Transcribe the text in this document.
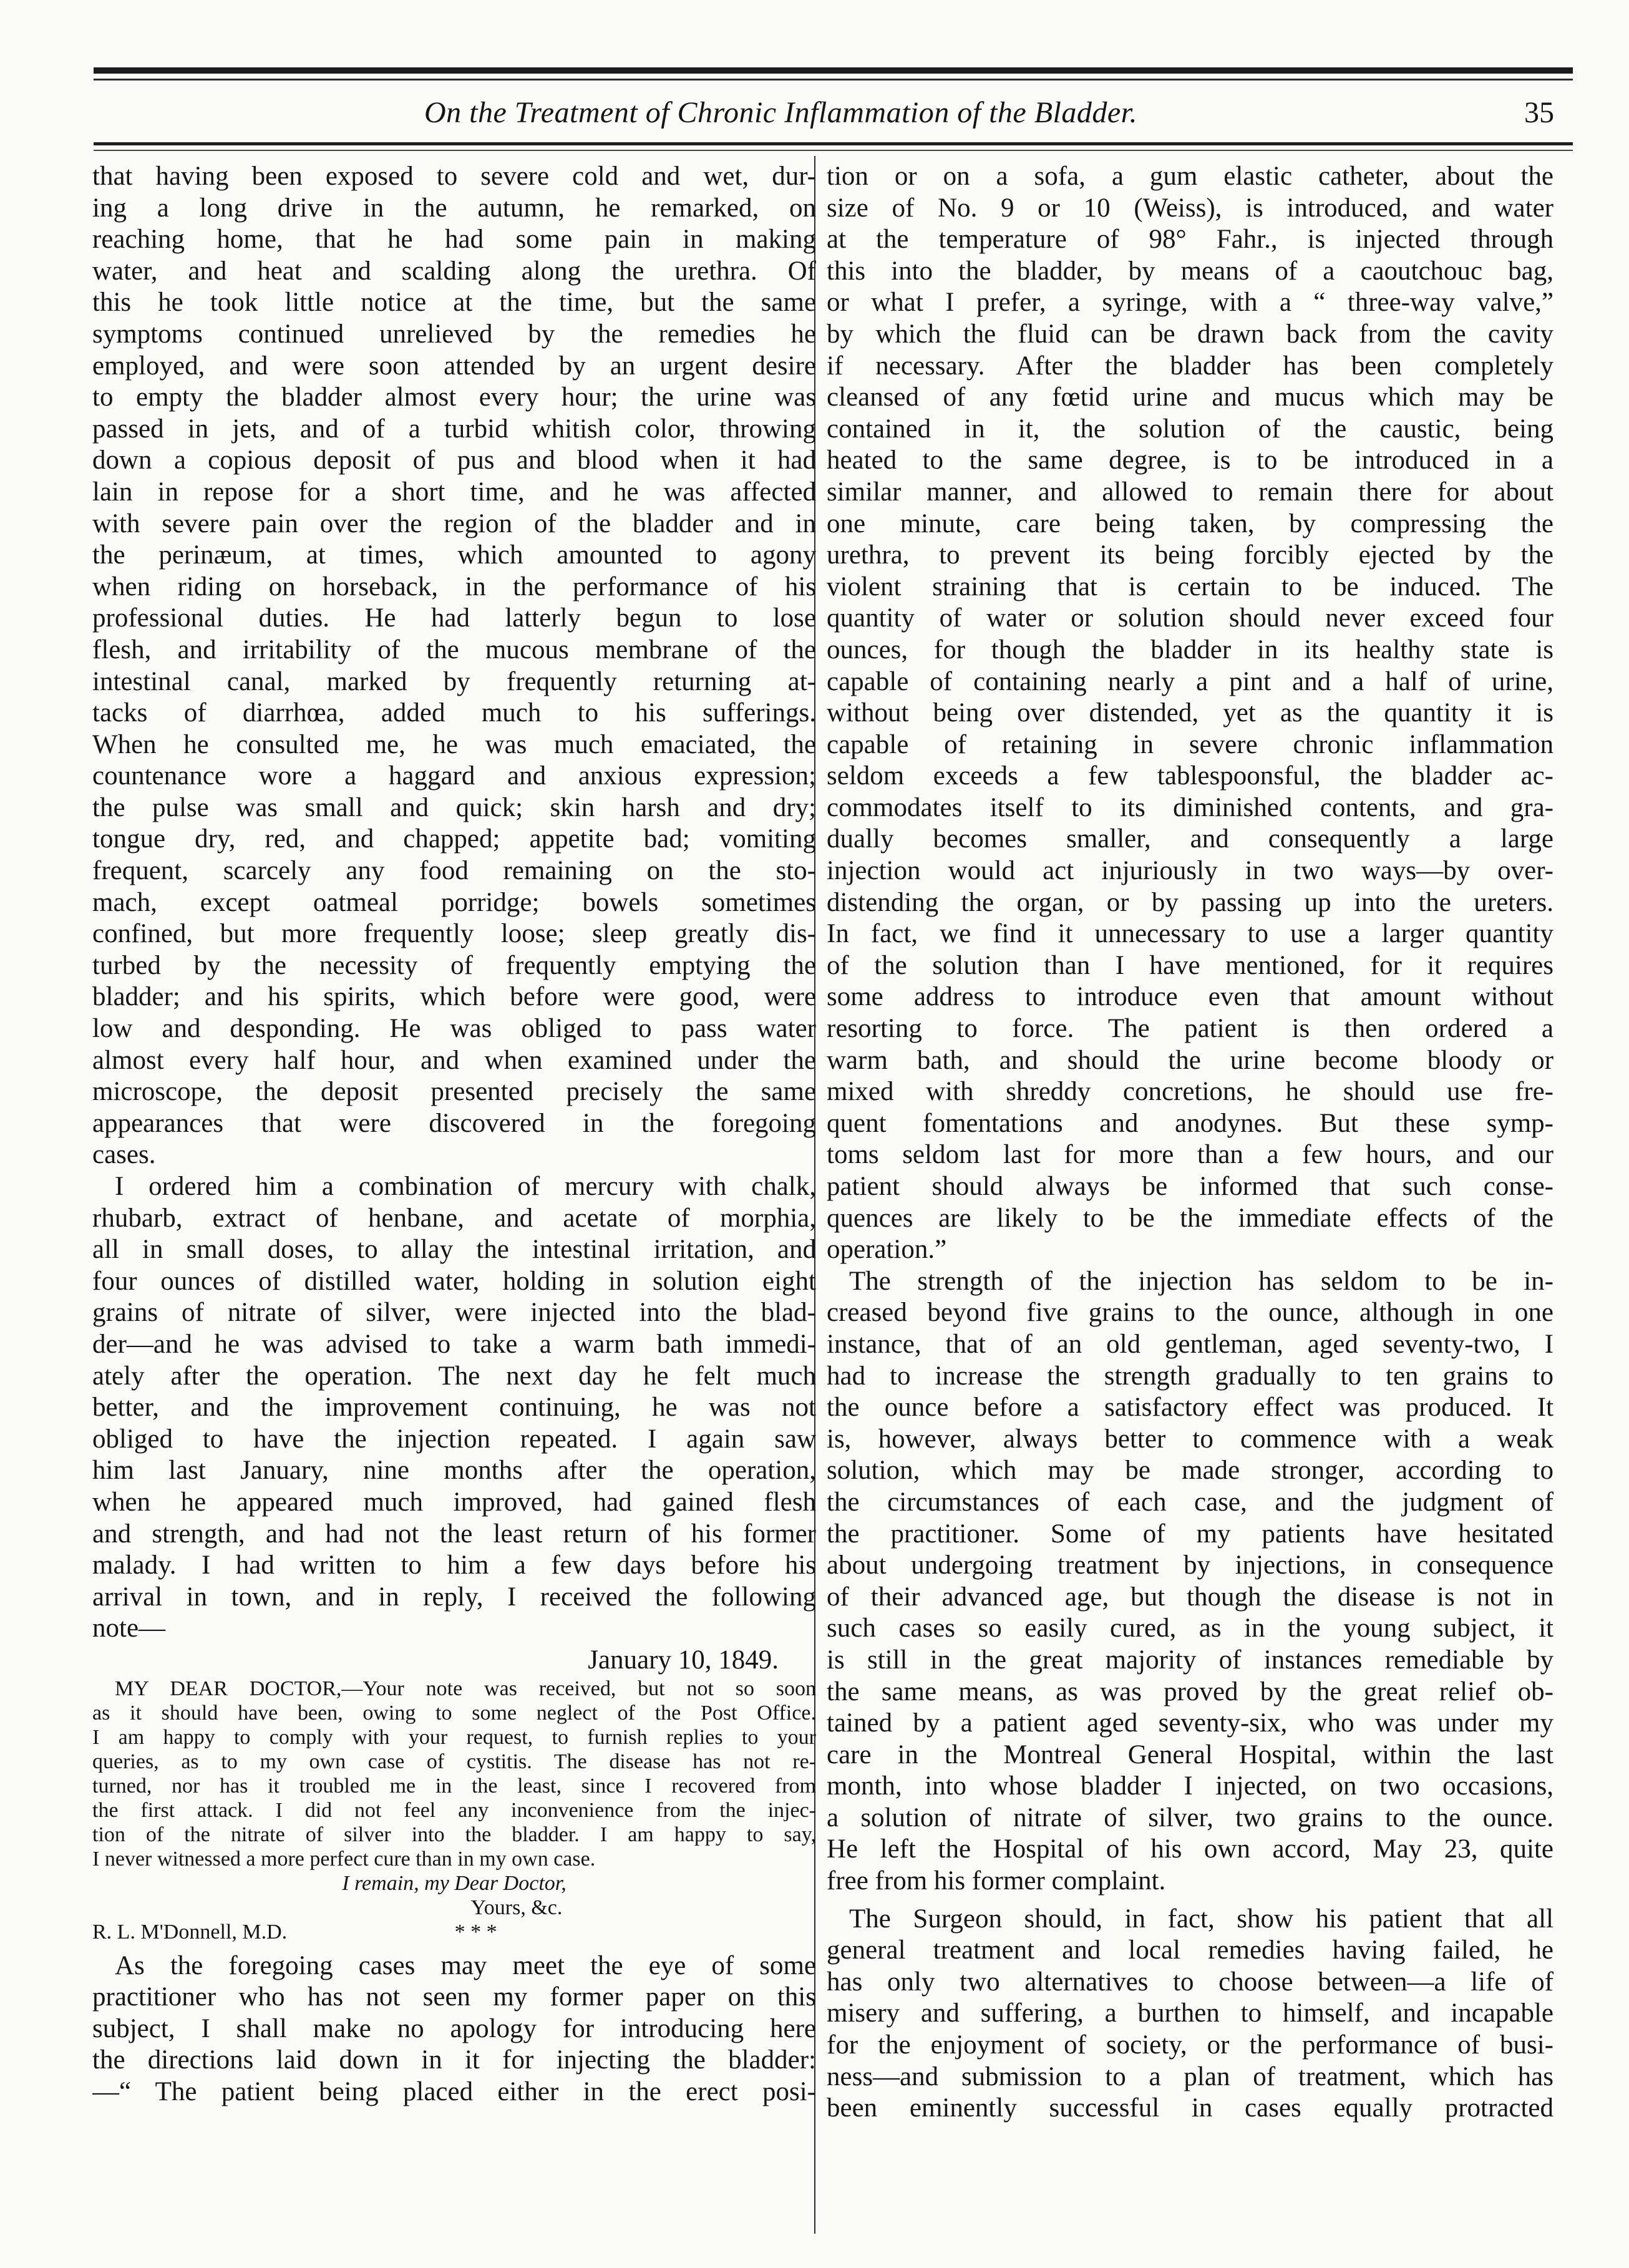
On the Treatment of Chronic Inflammation of the Bladder.	35
that having been exposed to severe cold and wet, dur-
ing a long drive in the autumn, he remarked, on
reaching home, that he had some pain in making
water, and heat and scalding along the urethra. Of
this he took little notice at the time, but the same
symptoms continued unrelieved by the remedies he
employed, and were soon attended by an urgent desire
to empty the bladder almost every hour; the urine was
passed in jets, and of a turbid whitish color, throwing
down a copious deposit of pus and blood when it had
lain in repose for a short time, and he was affected
with severe pain over the region of the bladder and in
the perinæum, at times, which amounted to agony
when riding on horseback, in the performance of his
professional duties. He had latterly begun to lose
flesh, and irritability of the mucous membrane of the
intestinal canal, marked by frequently returning at-
tacks of diarrhœa, added much to his sufferings.
When he consulted me, he was much emaciated, the
countenance wore a haggard and anxious expression;
the pulse was small and quick; skin harsh and dry;
tongue dry, red, and chapped; appetite bad; vomiting
frequent, scarcely any food remaining on the sto-
mach, except oatmeal porridge; bowels sometimes
confined, but more frequently loose; sleep greatly dis-
turbed by the necessity of frequently emptying the
bladder; and his spirits, which before were good, were
low and desponding. He was obliged to pass water
almost every half hour, and when examined under the
microscope, the deposit presented precisely the same
appearances that were discovered in the foregoing
cases.
I ordered him a combination of mercury with chalk,
rhubarb, extract of henbane, and acetate of morphia,
all in small doses, to allay the intestinal irritation, and
four ounces of distilled water, holding in solution eight
grains of nitrate of silver, were injected into the blad-
der—and he was advised to take a warm bath immedi-
ately after the operation. The next day he felt much
better, and the improvement continuing, he was not
obliged to have the injection repeated. I again saw
him last January, nine months after the operation,
when he appeared much improved, had gained flesh
and strength, and had not the least return of his former
malady. I had written to him a few days before his
arrival in town, and in reply, I received the following
note—
January 10, 1849.
MY DEAR DOCTOR,—Your note was received, but not so soon
as it should have been, owing to some neglect of the Post Office.
I am happy to comply with your request, to furnish replies to your
queries, as to my own case of cystitis. The disease has not re-
turned, nor has it troubled me in the least, since I recovered from
the first attack. I did not feel any inconvenience from the injec-
tion of the nitrate of silver into the bladder. I am happy to say,
I never witnessed a more perfect cure than in my own case.
I remain, my Dear Doctor,
Yours, &c.
R. L. M'Donnell, M.D.	* * *
As the foregoing cases may meet the eye of some
practitioner who has not seen my former paper on this
subject, I shall make no apology for introducing here
the directions laid down in it for injecting the bladder:
—“ The patient being placed either in the erect posi-
tion or on a sofa, a gum elastic catheter, about the
size of No. 9 or 10 (Weiss), is introduced, and water
at the temperature of 98° Fahr., is injected through
this into the bladder, by means of a caoutchouc bag,
or what I prefer, a syringe, with a “ three-way valve,”
by which the fluid can be drawn back from the cavity
if necessary. After the bladder has been completely
cleansed of any fœtid urine and mucus which may be
contained in it, the solution of the caustic, being
heated to the same degree, is to be introduced in a
similar manner, and allowed to remain there for about
one minute, care being taken, by compressing the
urethra, to prevent its being forcibly ejected by the
violent straining that is certain to be induced. The
quantity of water or solution should never exceed four
ounces, for though the bladder in its healthy state is
capable of containing nearly a pint and a half of urine,
without being over distended, yet as the quantity it is
capable of retaining in severe chronic inflammation
seldom exceeds a few tablespoonsful, the bladder ac-
commodates itself to its diminished contents, and gra-
dually becomes smaller, and consequently a large
injection would act injuriously in two ways—by over-
distending the organ, or by passing up into the ureters.
In fact, we find it unnecessary to use a larger quantity
of the solution than I have mentioned, for it requires
some address to introduce even that amount without
resorting to force. The patient is then ordered a
warm bath, and should the urine become bloody or
mixed with shreddy concretions, he should use fre-
quent fomentations and anodynes. But these symp-
toms seldom last for more than a few hours, and our
patient should always be informed that such conse-
quences are likely to be the immediate effects of the
operation.”
The strength of the injection has seldom to be in-
creased beyond five grains to the ounce, although in one
instance, that of an old gentleman, aged seventy-two, I
had to increase the strength gradually to ten grains to
the ounce before a satisfactory effect was produced. It
is, however, always better to commence with a weak
solution, which may be made stronger, according to
the circumstances of each case, and the judgment of
the practitioner. Some of my patients have hesitated
about undergoing treatment by injections, in consequence
of their advanced age, but though the disease is not in
such cases so easily cured, as in the young subject, it
is still in the great majority of instances remediable by
the same means, as was proved by the great relief ob-
tained by a patient aged seventy-six, who was under my
care in the Montreal General Hospital, within the last
month, into whose bladder I injected, on two occasions,
a solution of nitrate of silver, two grains to the ounce.
He left the Hospital of his own accord, May 23, quite
free from his former complaint.
The Surgeon should, in fact, show his patient that all
general treatment and local remedies having failed, he
has only two alternatives to choose between—a life of
misery and suffering, a burthen to himself, and incapable
for the enjoyment of society, or the performance of busi-
ness—and submission to a plan of treatment, which has
been eminently successful in cases equally protracted
